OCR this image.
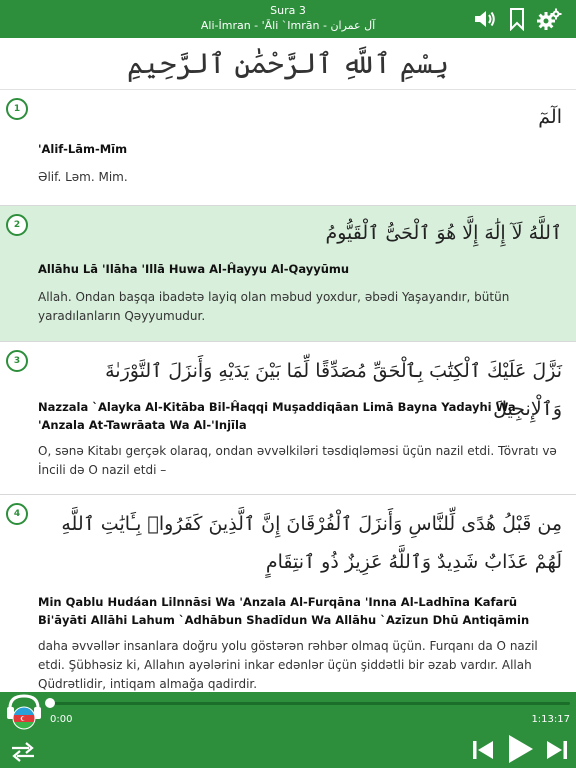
Sura 3
Ali-İmran - 'Āli `Imrān - آل عمران
بِسْمِ ٱللَّهِ ٱلرَّحْمَٰنِ ٱلرَّحِيمِ
1	الٓمٓ
'Alif-Lām-Mīm
Əlif. Ləm. Mim.
2	ٱللَّهُ لَآ إِلَٰهَ إِلَّا هُوَ ٱلْحَىُّ ٱلْقَيُّومُ
Allāhu Lā 'Ilāha 'Illā Huwa Al-Ĥayyu Al-Qayyūmu
Allah. Ondan başqa ibadətə layiq olan məbud yoxdur, əbədi Yaşayandır, bütün yaradılanların Qəyyumudur.
3	نَزَّلَ عَلَيْكَ ٱلْكِتَٰبَ بِٱلْحَقِّ مُصَدِّقًا لِّمَا بَيْنَ يَدَيْهِ وَأَنزَلَ ٱلتَّوْرَىٰةَ وَٱلْإِنجِيلَ
Nazzala `Alayka Al-Kitāba Bil-Ĥaqqi Muşaddiqāan Limā Bayna Yadayhi Wa 'Anzala At-Tawrāata Wa Al-'Injīla
O, sənə Kitabı gerçək olaraq, ondan əvvəlkiləri təsdiqləməsi üçün nazil etdi. Tövratı və İncili də O nazil etdi –
4	مِن قَبْلُ هُدًى لِّلنَّاسِ وَأَنزَلَ ٱلْفُرْقَانَ إِنَّ ٱلَّذِينَ كَفَرُوا۟ بِـَٔايَٰتِ ٱللَّهِ لَهُمْ عَذَابٌ شَدِيدٌ وَٱللَّهُ عَزِيزٌ ذُو ٱنتِقَامٍ
Min Qablu Hudáan Lilnnāsi Wa 'Anzala Al-Furqāna 'Inna Al-Ladhīna Kafarū Bi'āyāti Allāhi Lahum `Adhābun Shadīdun Wa Allāhu `Azīzun Dhū Antiqāmin
daha əvvəllər insanlara doğru yolu göstərən rəhbər olmaq üçün. Furqanı da O nazil etdi. Şübhəsiz ki, Allahın ayələrini inkar edənlər üçün şiddətli bir əzab vardır. Allah Qüdrətlidir, intiqam almağa qadirdir.
0:00	1:13:17
